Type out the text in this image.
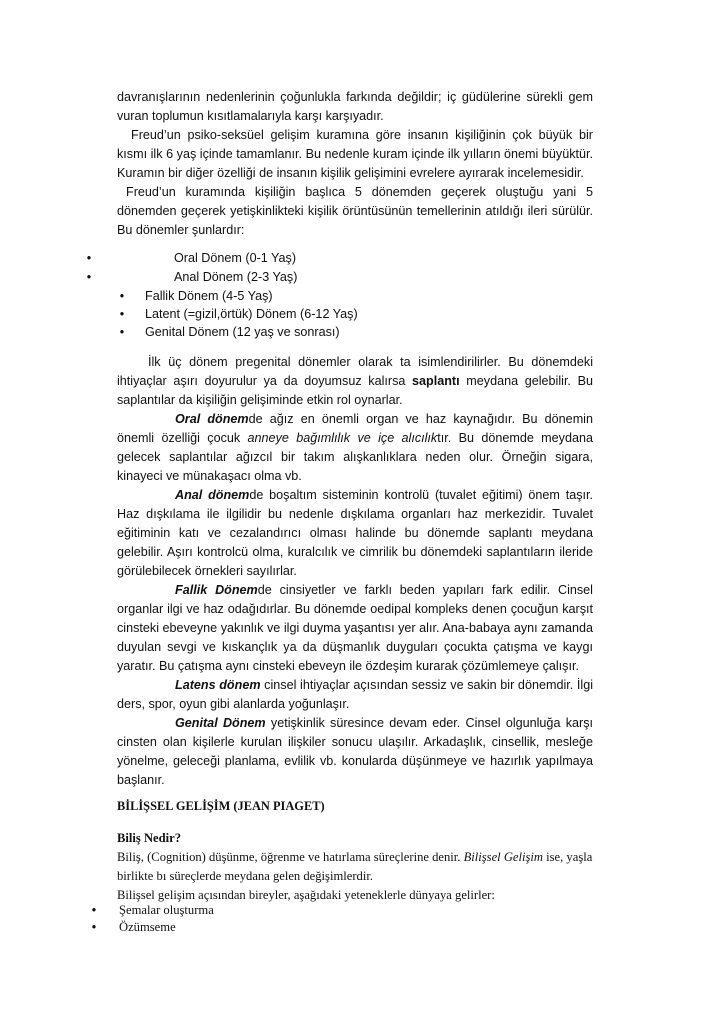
davranışlarının nedenlerinin çoğunlukla farkında değildir; iç güdülerine sürekli gem vuran toplumun kısıtlamalarıyla karşı karşıyadır.

Freud’un psiko-seksüel gelişim kuramına göre insanın kişiliğinin çok büyük bir kısmı ilk 6 yaş içinde tamamlanır. Bu nedenle kuram içinde ilk yılların önemi büyüktür. Kuramın bir diğer özelliği de insanın kişilik gelişimini evrelere ayırarak incelemesidir.

Freud’un kuramında kişiliğin başlıca 5 dönemden geçerek oluştuğu yani 5 dönemden geçerek yetişkinlikteki kişilik örüntüsünün temellerinin atıldığı ileri sürülür. Bu dönemler şunlardır:

•	Oral Dönem (0-1 Yaş)
•	Anal Dönem (2-3 Yaş)
• Fallik Dönem (4-5 Yaş)
• Latent (=gizil,örtük) Dönem (6-12 Yaş)
• Genital Dönem (12 yaş ve sonrası)

İlk üç dönem pregenital dönemler olarak ta isimlendirilirler. Bu dönemdeki ihtiyaçlar aşırı doyurulur ya da doyumsuz kalırsa saplantı meydana gelebilir. Bu saplantılar da kişiliğin gelişiminde etkin rol oynarlar.

Oral dönemde ağız en önemli organ ve haz kaynağıdır. Bu dönemin önemli özelliği çocuk anneye bağımlılık ve içe alıcılıktır. Bu dönemde meydana gelecek saplantılar ağızcıl bir takım alışkanlıklara neden olur. Örneğin sigara, kinayeci ve münakaşacı olma vb.

Anal dönemde boşaltım sisteminin kontrolü (tuvalet eğitimi) önem taşır. Haz dışkılama ile ilgilidir bu nedenle dışkılama organları haz merkezidir. Tuvalet eğitiminin katı ve cezalandırıcı olması halinde bu dönemde saplantı meydana gelebilir. Aşırı kontrolcü olma, kuralcılık ve cimrilik bu dönemdeki saplantıların ileride görülebilecek örnekleri sayılırlar.

Fallik Dönemde cinsiyetler ve farklı beden yapıları fark edilir. Cinsel organlar ilgi ve haz odağıdırlar. Bu dönemde oedipal kompleks denen çocuğun karşıt cinsteki ebeveyne yakınlık ve ilgi duyma yaşantısı yer alır. Ana-babaya aynı zamanda duyulan sevgi ve kıskançlık ya da düşmanlık duyguları çocukta çatışma ve kaygı yaratır. Bu çatışma aynı cinsteki ebeveyn ile özdeşim kurarak çözümlemeye çalışır.

Latens dönem cinsel ihtiyaçlar açısından sessiz ve sakin bir dönemdir. İlgi ders, spor, oyun gibi alanlarda yoğunlaşır.

Genital Dönem yetişkinlik süresince devam eder. Cinsel olgunluğa karşı cinsten olan kişilerle kurulan ilişkiler sonucu ulaşılır. Arkadaşlık, cinsellik, mesleğe yönelme, geleceği planlama, evlilik vb. konularda düşünmeye ve hazırlık yapılmaya başlanır.

BİLİŞSEL GELİŞİM (JEAN PIAGET)
Biliş Nedir?

Biliş, (Cognition) düşünme, öğrenme ve hatırlama süreçlerine denir. Bilişsel Gelişim ise, yaşla birlikte bı süreçlerde meydana gelen değişimlerdir.

Bilişsel gelişim açısından bireyler, aşağıdaki yeteneklerle dünyaya gelirler:

• Şemalar oluşturma
• Özümseme
